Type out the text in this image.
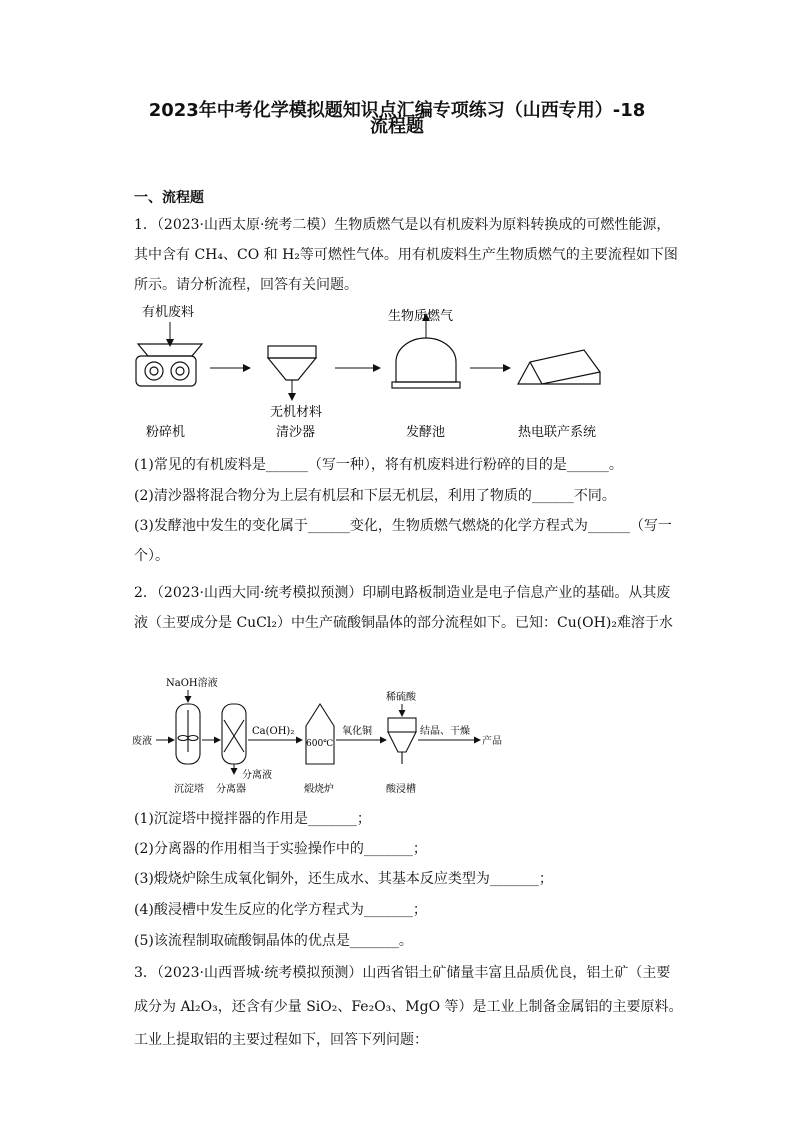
2023年中考化学模拟题知识点汇编专项练习（山西专用）-18
流程题
一、流程题
1．（2023·山西太原·统考二模）生物质燃气是以有机废料为原料转换成的可燃性能源，
其中含有 CH₄、CO 和 H₂等可燃性气体。用有机废料生产生物质燃气的主要流程如下图
所示。请分析流程，回答有关问题。
有机废料
无机材料
生物质燃气
粉碎机	清沙器	发酵池	热电联产系统
(1)常见的有机废料是______（写一种），将有机废料进行粉碎的目的是______。
(2)清沙器将混合物分为上层有机层和下层无机层，利用了物质的______不同。
(3)发酵池中发生的变化属于______变化，生物质燃气燃烧的化学方程式为______（写一
个）。
2．（2023·山西大同·统考模拟预测）印刷电路板制造业是电子信息产业的基础。从其废
液（主要成分是 CuCl₂）中生产硫酸铜晶体的部分流程如下。已知：Cu(OH)₂难溶于水
NaOH溶液
废液
分离液
Ca(OH)₂
600℃
氧化铜
稀硫酸
结晶、干燥
产品
沉淀塔 分离器	煅烧炉	酸浸槽
(1)沉淀塔中搅拌器的作用是_______；
(2)分离器的作用相当于实验操作中的_______；
(3)煅烧炉除生成氧化铜外，还生成水、其基本反应类型为_______；
(4)酸浸槽中发生反应的化学方程式为_______；
(5)该流程制取硫酸铜晶体的优点是_______。
3．（2023·山西晋城·统考模拟预测）山西省铝土矿储量丰富且品质优良，铝土矿（主要
成分为 Al₂O₃，还含有少量 SiO₂、Fe₂O₃、MgO 等）是工业上制备金属铝的主要原料。
工业上提取铝的主要过程如下，回答下列问题：
